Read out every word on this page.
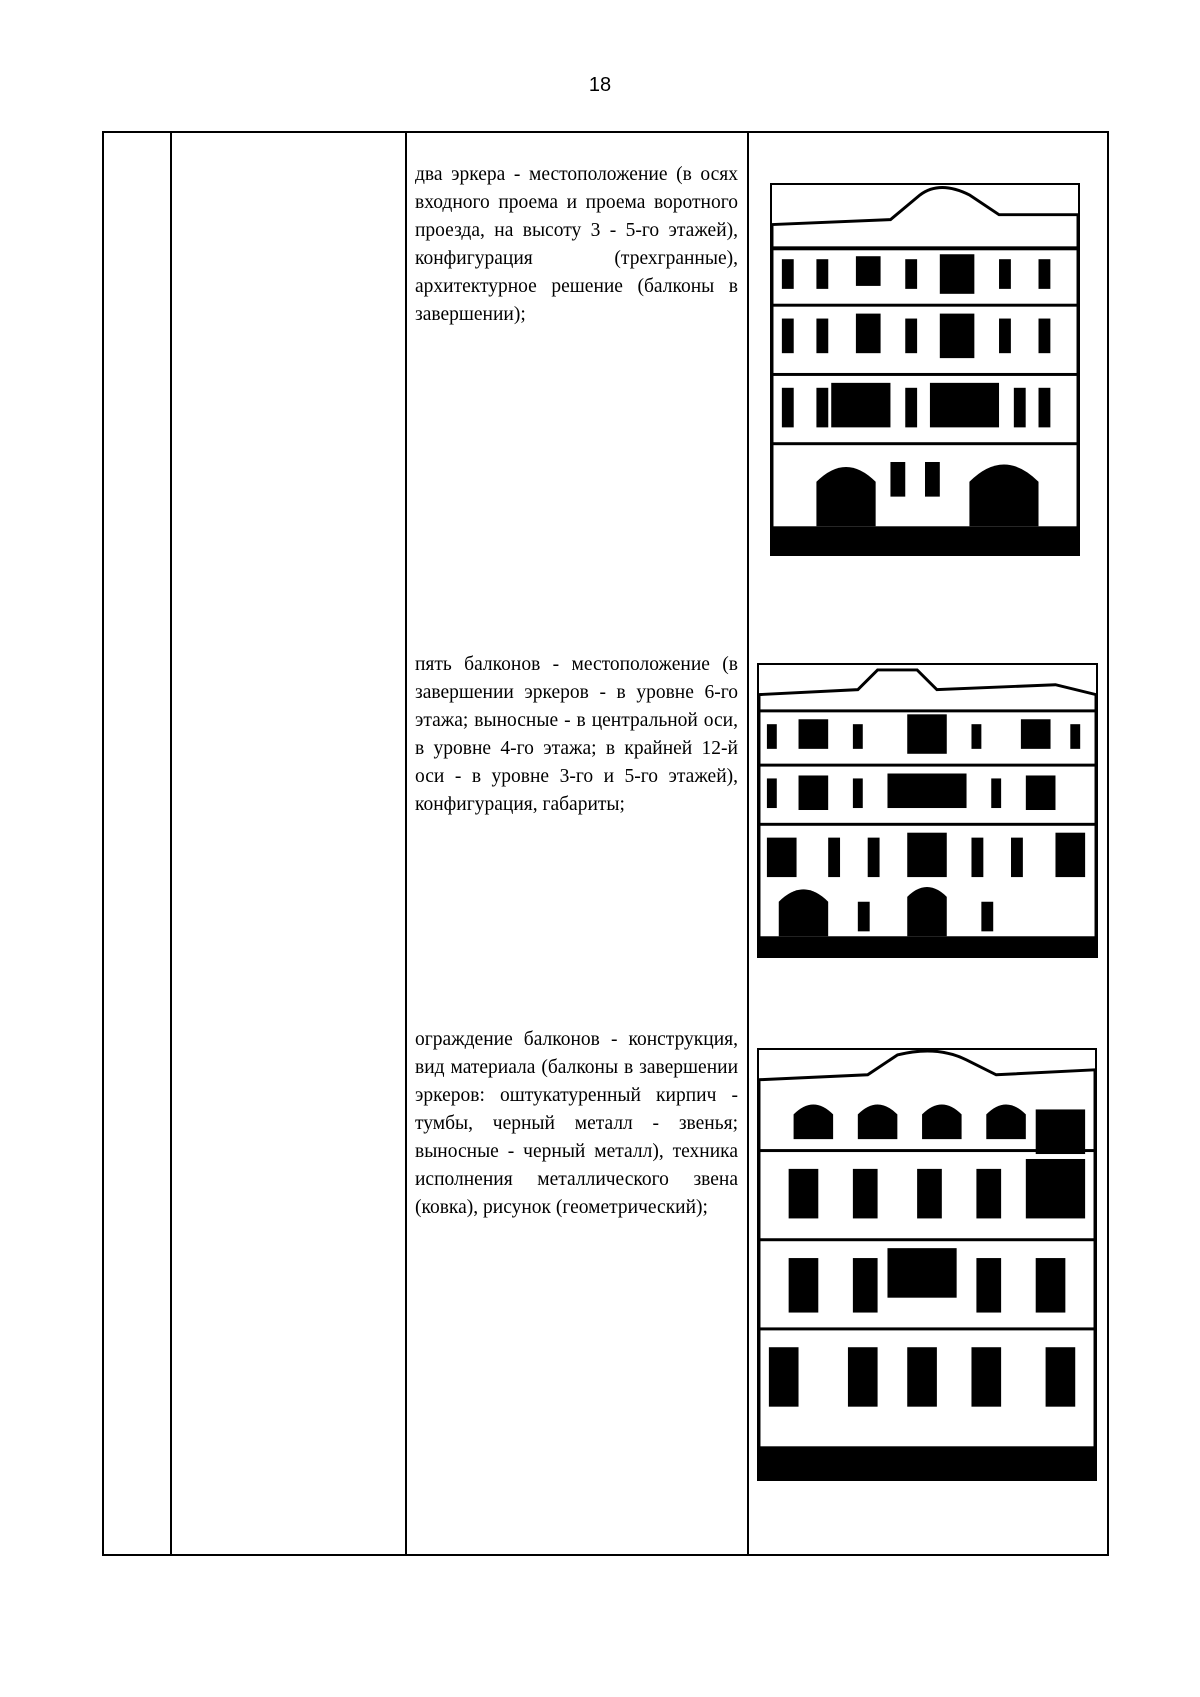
18
два эркера - местоположение (в осях входного проема и проема воротного проезда, на высоту 3 - 5-го этажей), конфигурация (трехгранные), архитектурное решение (балконы в завершении);
пять балконов - местоположение (в завершении эркеров - в уровне 6-го этажа; выносные - в центральной оси, в уровне 4-го этажа; в крайней 12-й оси - в уровне 3-го и 5-го этажей), конфигурация, габариты;
ограждение балконов - конструкция, вид материала (балконы в завершении эркеров: оштукатуренный кирпич - тумбы, черный металл - звенья; выносные - черный металл), техника исполнения металлического звена (ковка), рисунок (геометрический);
